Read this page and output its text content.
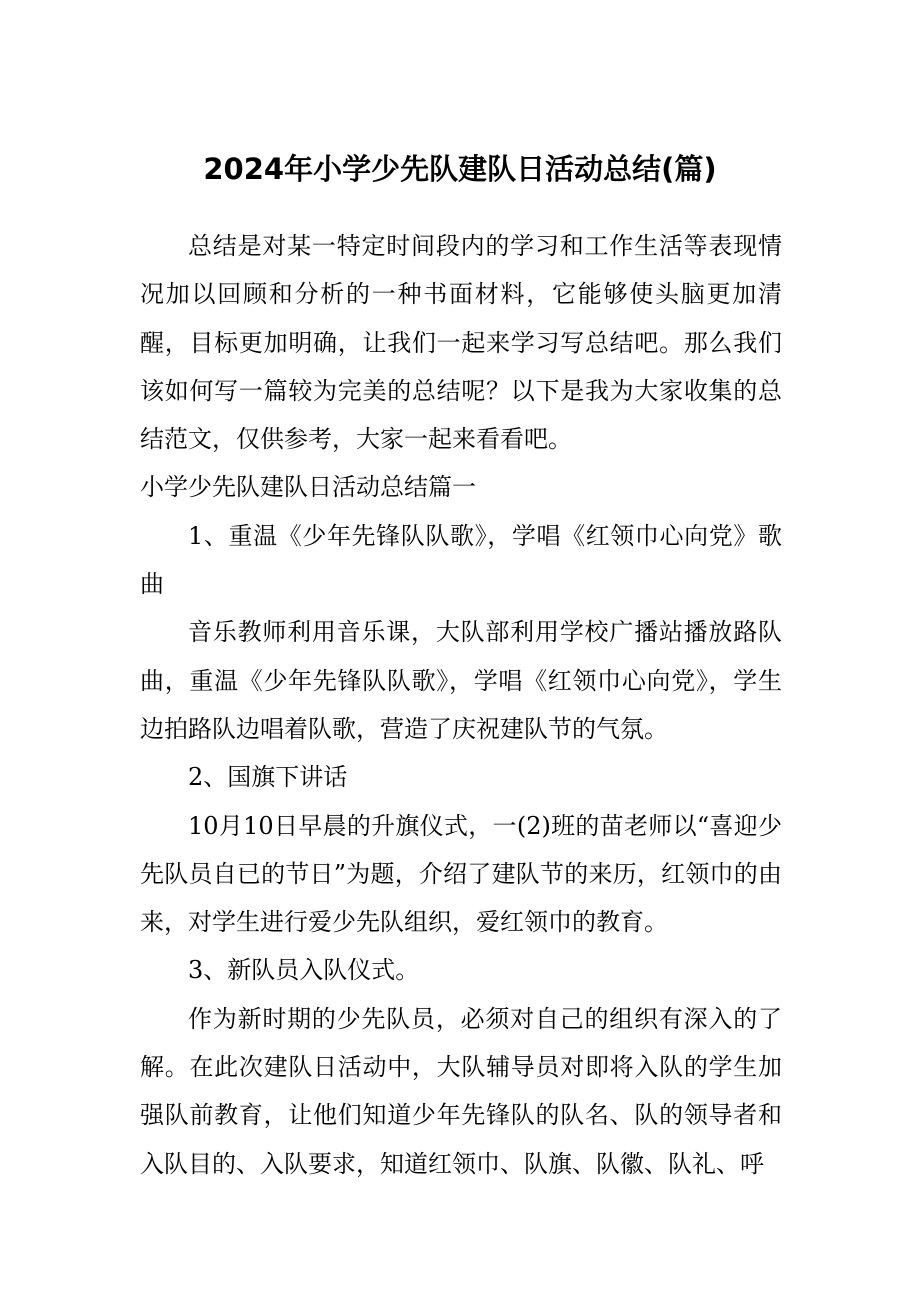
2024年小学少先队建队日活动总结(篇)

总结是对某一特定时间段内的学习和工作生活等表现情况加以回顾和分析的一种书面材料，它能够使头脑更加清醒，目标更加明确，让我们一起来学习写总结吧。那么我们该如何写一篇较为完美的总结呢？以下是我为大家收集的总结范文，仅供参考，大家一起来看看吧。

小学少先队建队日活动总结篇一

1、重温《少年先锋队队歌》，学唱《红领巾心向党》歌曲

音乐教师利用音乐课，大队部利用学校广播站播放路队曲，重温《少年先锋队队歌》，学唱《红领巾心向党》，学生边拍路队边唱着队歌，营造了庆祝建队节的气氛。

2、国旗下讲话

10月10日早晨的升旗仪式，一(2)班的苗老师以“喜迎少先队员自已的节日”为题，介绍了建队节的来历，红领巾的由来，对学生进行爱少先队组织，爱红领巾的教育。

3、新队员入队仪式。

作为新时期的少先队员，必须对自己的组织有深入的了解。在此次建队日活动中，大队辅导员对即将入队的学生加强队前教育，让他们知道少年先锋队的队名、队的领导者和入队目的、入队要求，知道红领巾、队旗、队徽、队礼、呼
